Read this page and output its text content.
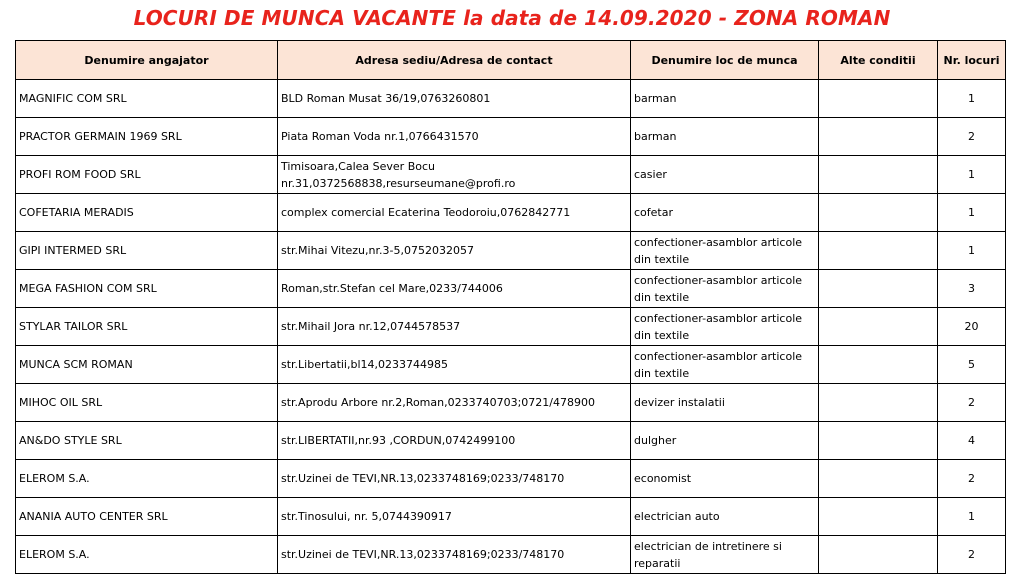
LOCURI DE MUNCA VACANTE la data de 14.09.2020 - ZONA ROMAN
Denumire angajator	Adresa sediu/Adresa de contact	Denumire loc de munca	Alte conditii	Nr. locuri
MAGNIFIC COM SRL	BLD Roman Musat 36/19,0763260801	barman		1
PRACTOR GERMAIN 1969 SRL	Piata Roman Voda nr.1,0766431570	barman		2
PROFI ROM FOOD SRL	Timisoara,Calea Sever Bocu nr.31,0372568838,resurseumane@profi.ro	casier		1
COFETARIA MERADIS	complex comercial Ecaterina Teodoroiu,0762842771	cofetar		1
GIPI INTERMED SRL	str.Mihai Vitezu,nr.3-5,0752032057	confectioner-asamblor articole din textile		1
MEGA FASHION COM SRL	Roman,str.Stefan cel Mare,0233/744006	confectioner-asamblor articole din textile		3
STYLAR TAILOR SRL	str.Mihail Jora nr.12,0744578537	confectioner-asamblor articole din textile		20
MUNCA SCM ROMAN	str.Libertatii,bl14,0233744985	confectioner-asamblor articole din textile		5
MIHOC OIL SRL	str.Aprodu Arbore nr.2,Roman,0233740703;0721/478900	devizer instalatii		2
AN&DO STYLE SRL	str.LIBERTATII,nr.93 ,CORDUN,0742499100	dulgher		4
ELEROM S.A.	str.Uzinei de TEVI,NR.13,0233748169;0233/748170	economist		2
ANANIA AUTO CENTER SRL	str.Tinosului, nr. 5,0744390917	electrician auto		1
ELEROM S.A.	str.Uzinei de TEVI,NR.13,0233748169;0233/748170	electrician de intretinere si reparatii		2
